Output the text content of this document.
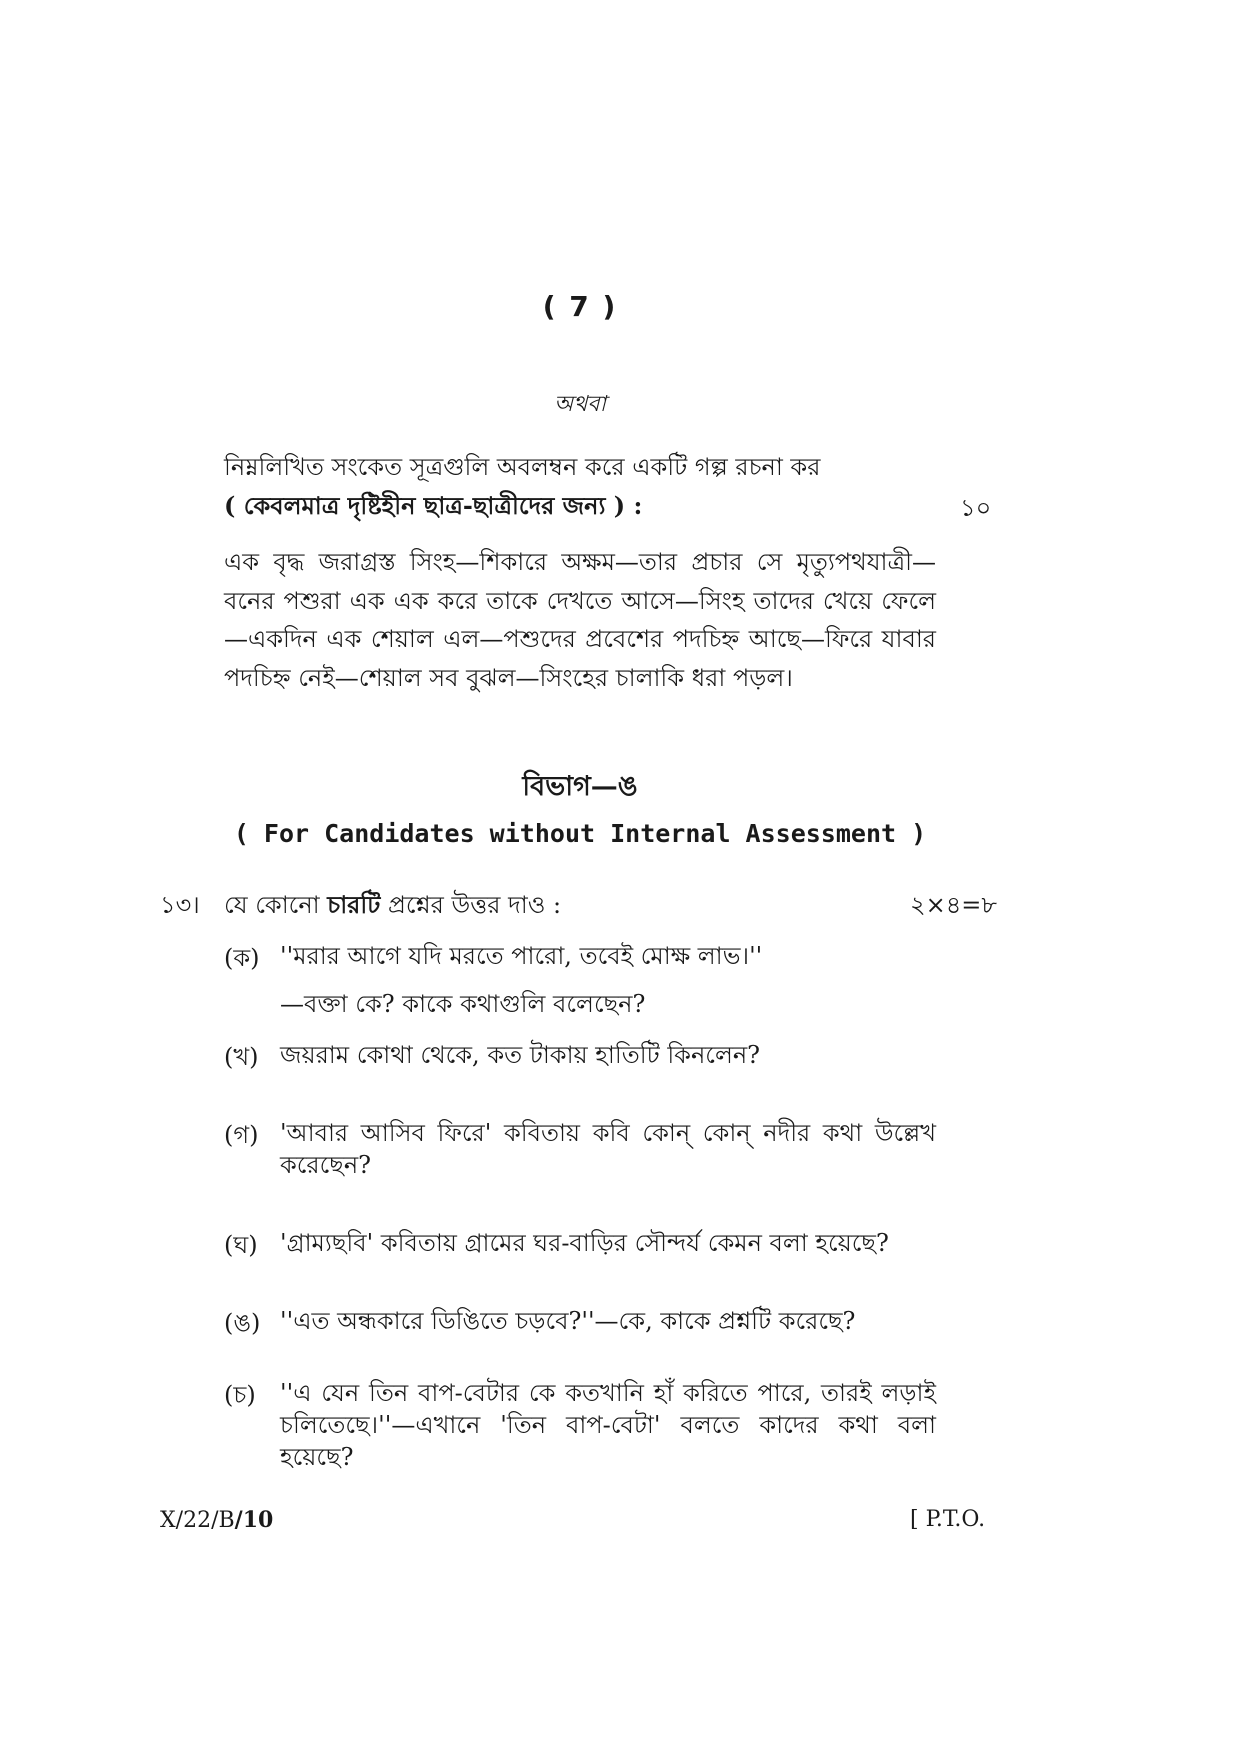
( 7 )
অথবা
নিম্নলিখিত সংকেত সূত্রগুলি অবলম্বন করে একটি গল্প রচনা কর
( কেবলমাত্র দৃষ্টিহীন ছাত্র-ছাত্রীদের জন্য ) :	১০
এক বৃদ্ধ জরাগ্রস্ত সিংহ—শিকারে অক্ষম—তার প্রচার সে মৃত্যুপথযাত্রী—বনের পশুরা এক এক করে তাকে দেখতে আসে—সিংহ তাদের খেয়ে ফেলে—একদিন এক শেয়াল এল—পশুদের প্রবেশের পদচিহ্ন আছে—ফিরে যাবার পদচিহ্ন নেই—শেয়াল সব বুঝল—সিংহের চালাকি ধরা পড়ল।
বিভাগ—ঙ
( For Candidates without Internal Assessment )
১৩। যে কোনো চারটি প্রশ্নের উত্তর দাও :	২×৪=৮
(ক) ''মরার আগে যদি মরতে পারো, তবেই মোক্ষ লাভ।''
—বক্তা কে? কাকে কথাগুলি বলেছেন?
(খ) জয়রাম কোথা থেকে, কত টাকায় হাতিটি কিনলেন?
(গ) 'আবার আসিব ফিরে' কবিতায় কবি কোন্ কোন্ নদীর কথা উল্লেখ করেছেন?
(ঘ) 'গ্রাম্যছবি' কবিতায় গ্রামের ঘর-বাড়ির সৌন্দর্য কেমন বলা হয়েছে?
(ঙ) ''এত অন্ধকারে ডিঙিতে চড়বে?''—কে, কাকে প্রশ্নটি করেছে?
(চ) ''এ যেন তিন বাপ-বেটার কে কতখানি হাঁ করিতে পারে, তারই লড়াই চলিতেছে।''—এখানে 'তিন বাপ-বেটা' বলতে কাদের কথা বলা হয়েছে?
X/22/B/10	[ P.T.O.
